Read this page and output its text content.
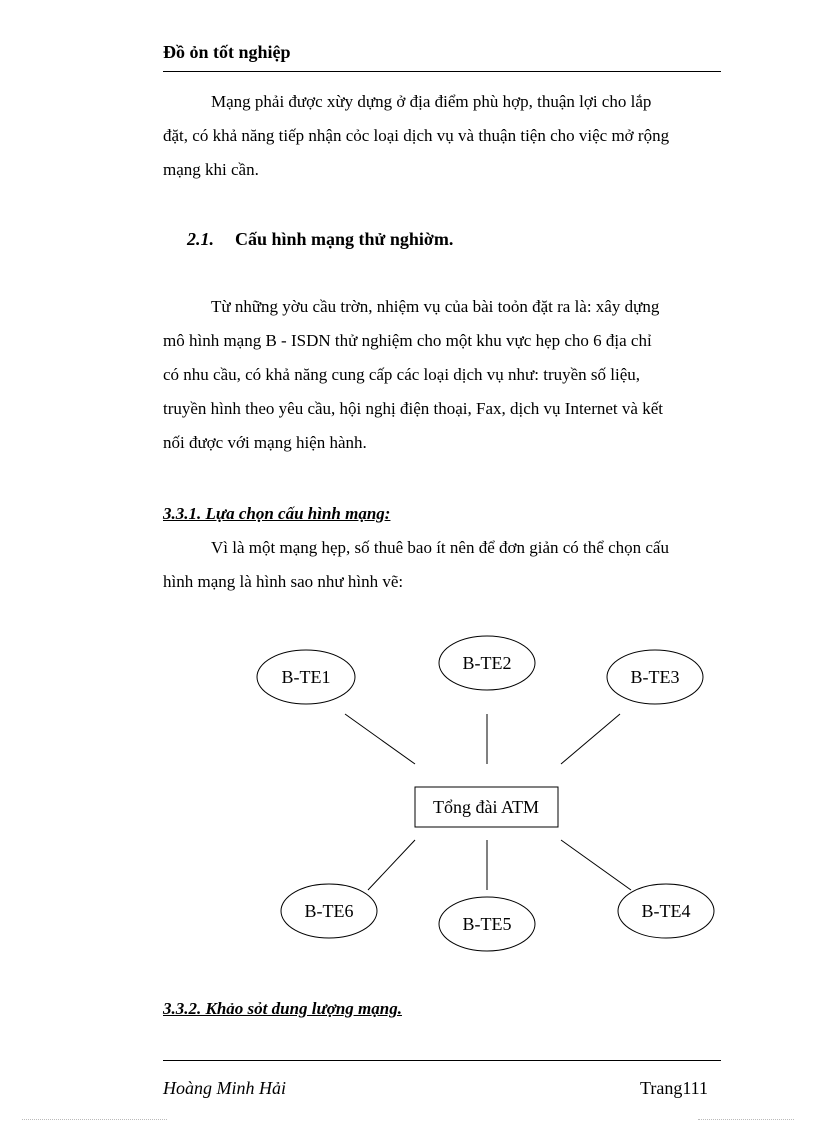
Đồ ỏn tốt nghiệp
Mạng phải được xừy dựng ở địa điểm phù hợp, thuận lợi cho lắp
đặt, có khả năng tiếp nhận cỏc loại dịch vụ và thuận tiện cho việc mở rộng
mạng khi cần.
2.1. Cấu hình mạng thử nghiờm.
Từ những yờu cầu trờn, nhiệm vụ của bài toỏn đặt ra là: xây dựng
mô hình mạng B - ISDN thử nghiệm cho một khu vực hẹp cho 6 địa chỉ
có nhu cầu, có khả năng cung cấp các loại dịch vụ như: truyền số liệu,
truyền hình theo yêu cầu, hội nghị điện thoại, Fax, dịch vụ Internet và kết
nối được với mạng hiện hành.
3.3.1. Lựa chọn cấu hình mạng:
Vì là một mạng hẹp, số thuê bao ít nên để đơn giản có thể chọn cấu
hình mạng là hình sao như hình vẽ:
Tổng đài ATM
B-TE1
B-TE2
B-TE3
B-TE4
B-TE5
B-TE6
3.3.2. Khảo sỏt dung lượng mạng.
Hoàng Minh Hải	Trang111
